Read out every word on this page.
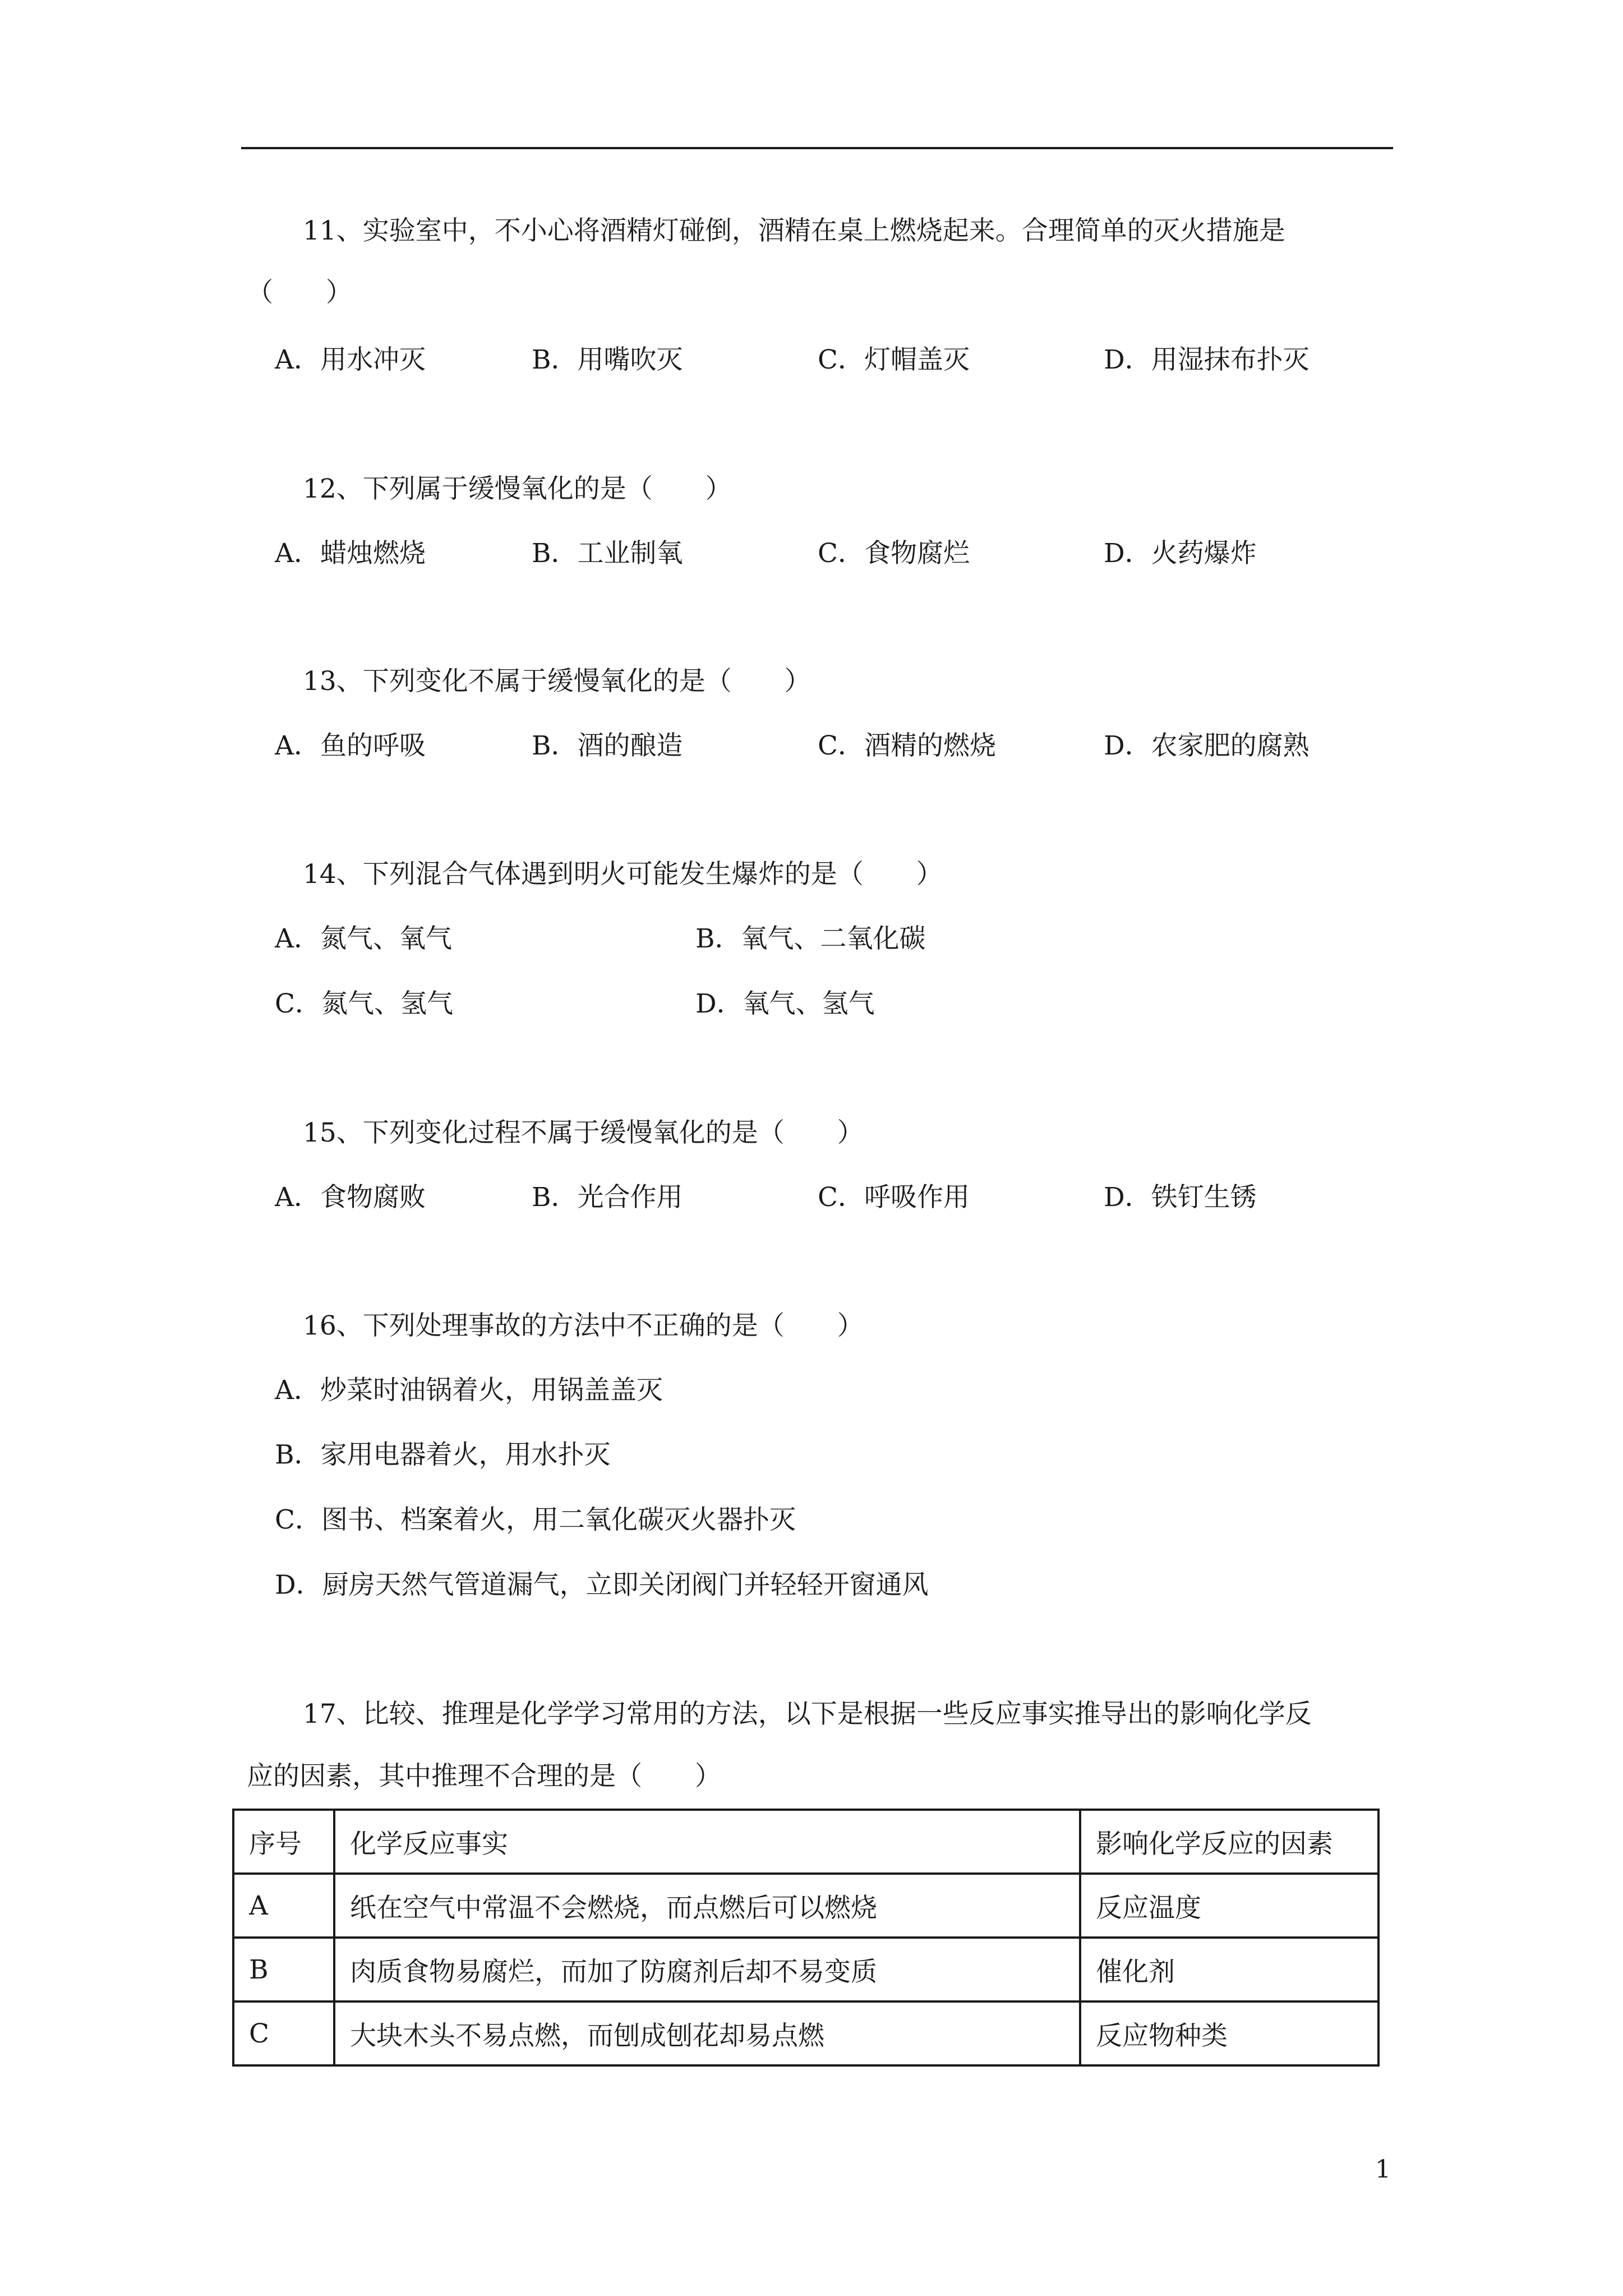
11、实验室中，不小心将酒精灯碰倒，酒精在桌上燃烧起来。合理简单的灭火措施是
（　　）
A．用水冲灭	B．用嘴吹灭	C．灯帽盖灭	D．用湿抹布扑灭
12、下列属于缓慢氧化的是（　　）
A．蜡烛燃烧	B．工业制氧	C．食物腐烂	D．火药爆炸
13、下列变化不属于缓慢氧化的是（　　）
A．鱼的呼吸	B．酒的酿造	C．酒精的燃烧	D．农家肥的腐熟
14、下列混合气体遇到明火可能发生爆炸的是（　　）
A．氮气、氧气	B．氧气、二氧化碳
C．氮气、氢气	D．氧气、氢气
15、下列变化过程不属于缓慢氧化的是（　　）
A．食物腐败	B．光合作用	C．呼吸作用	D．铁钉生锈
16、下列处理事故的方法中不正确的是（　　）
A．炒菜时油锅着火，用锅盖盖灭
B．家用电器着火，用水扑灭
C．图书、档案着火，用二氧化碳灭火器扑灭
D．厨房天然气管道漏气，立即关闭阀门并轻轻开窗通风
17、比较、推理是化学学习常用的方法，以下是根据一些反应事实推导出的影响化学反
应的因素，其中推理不合理的是（　　）
序号	化学反应事实	影响化学反应的因素
A	纸在空气中常温不会燃烧，而点燃后可以燃烧	反应温度
B	肉质食物易腐烂，而加了防腐剂后却不易变质	催化剂
C	大块木头不易点燃，而刨成刨花却易点燃	反应物种类
1
